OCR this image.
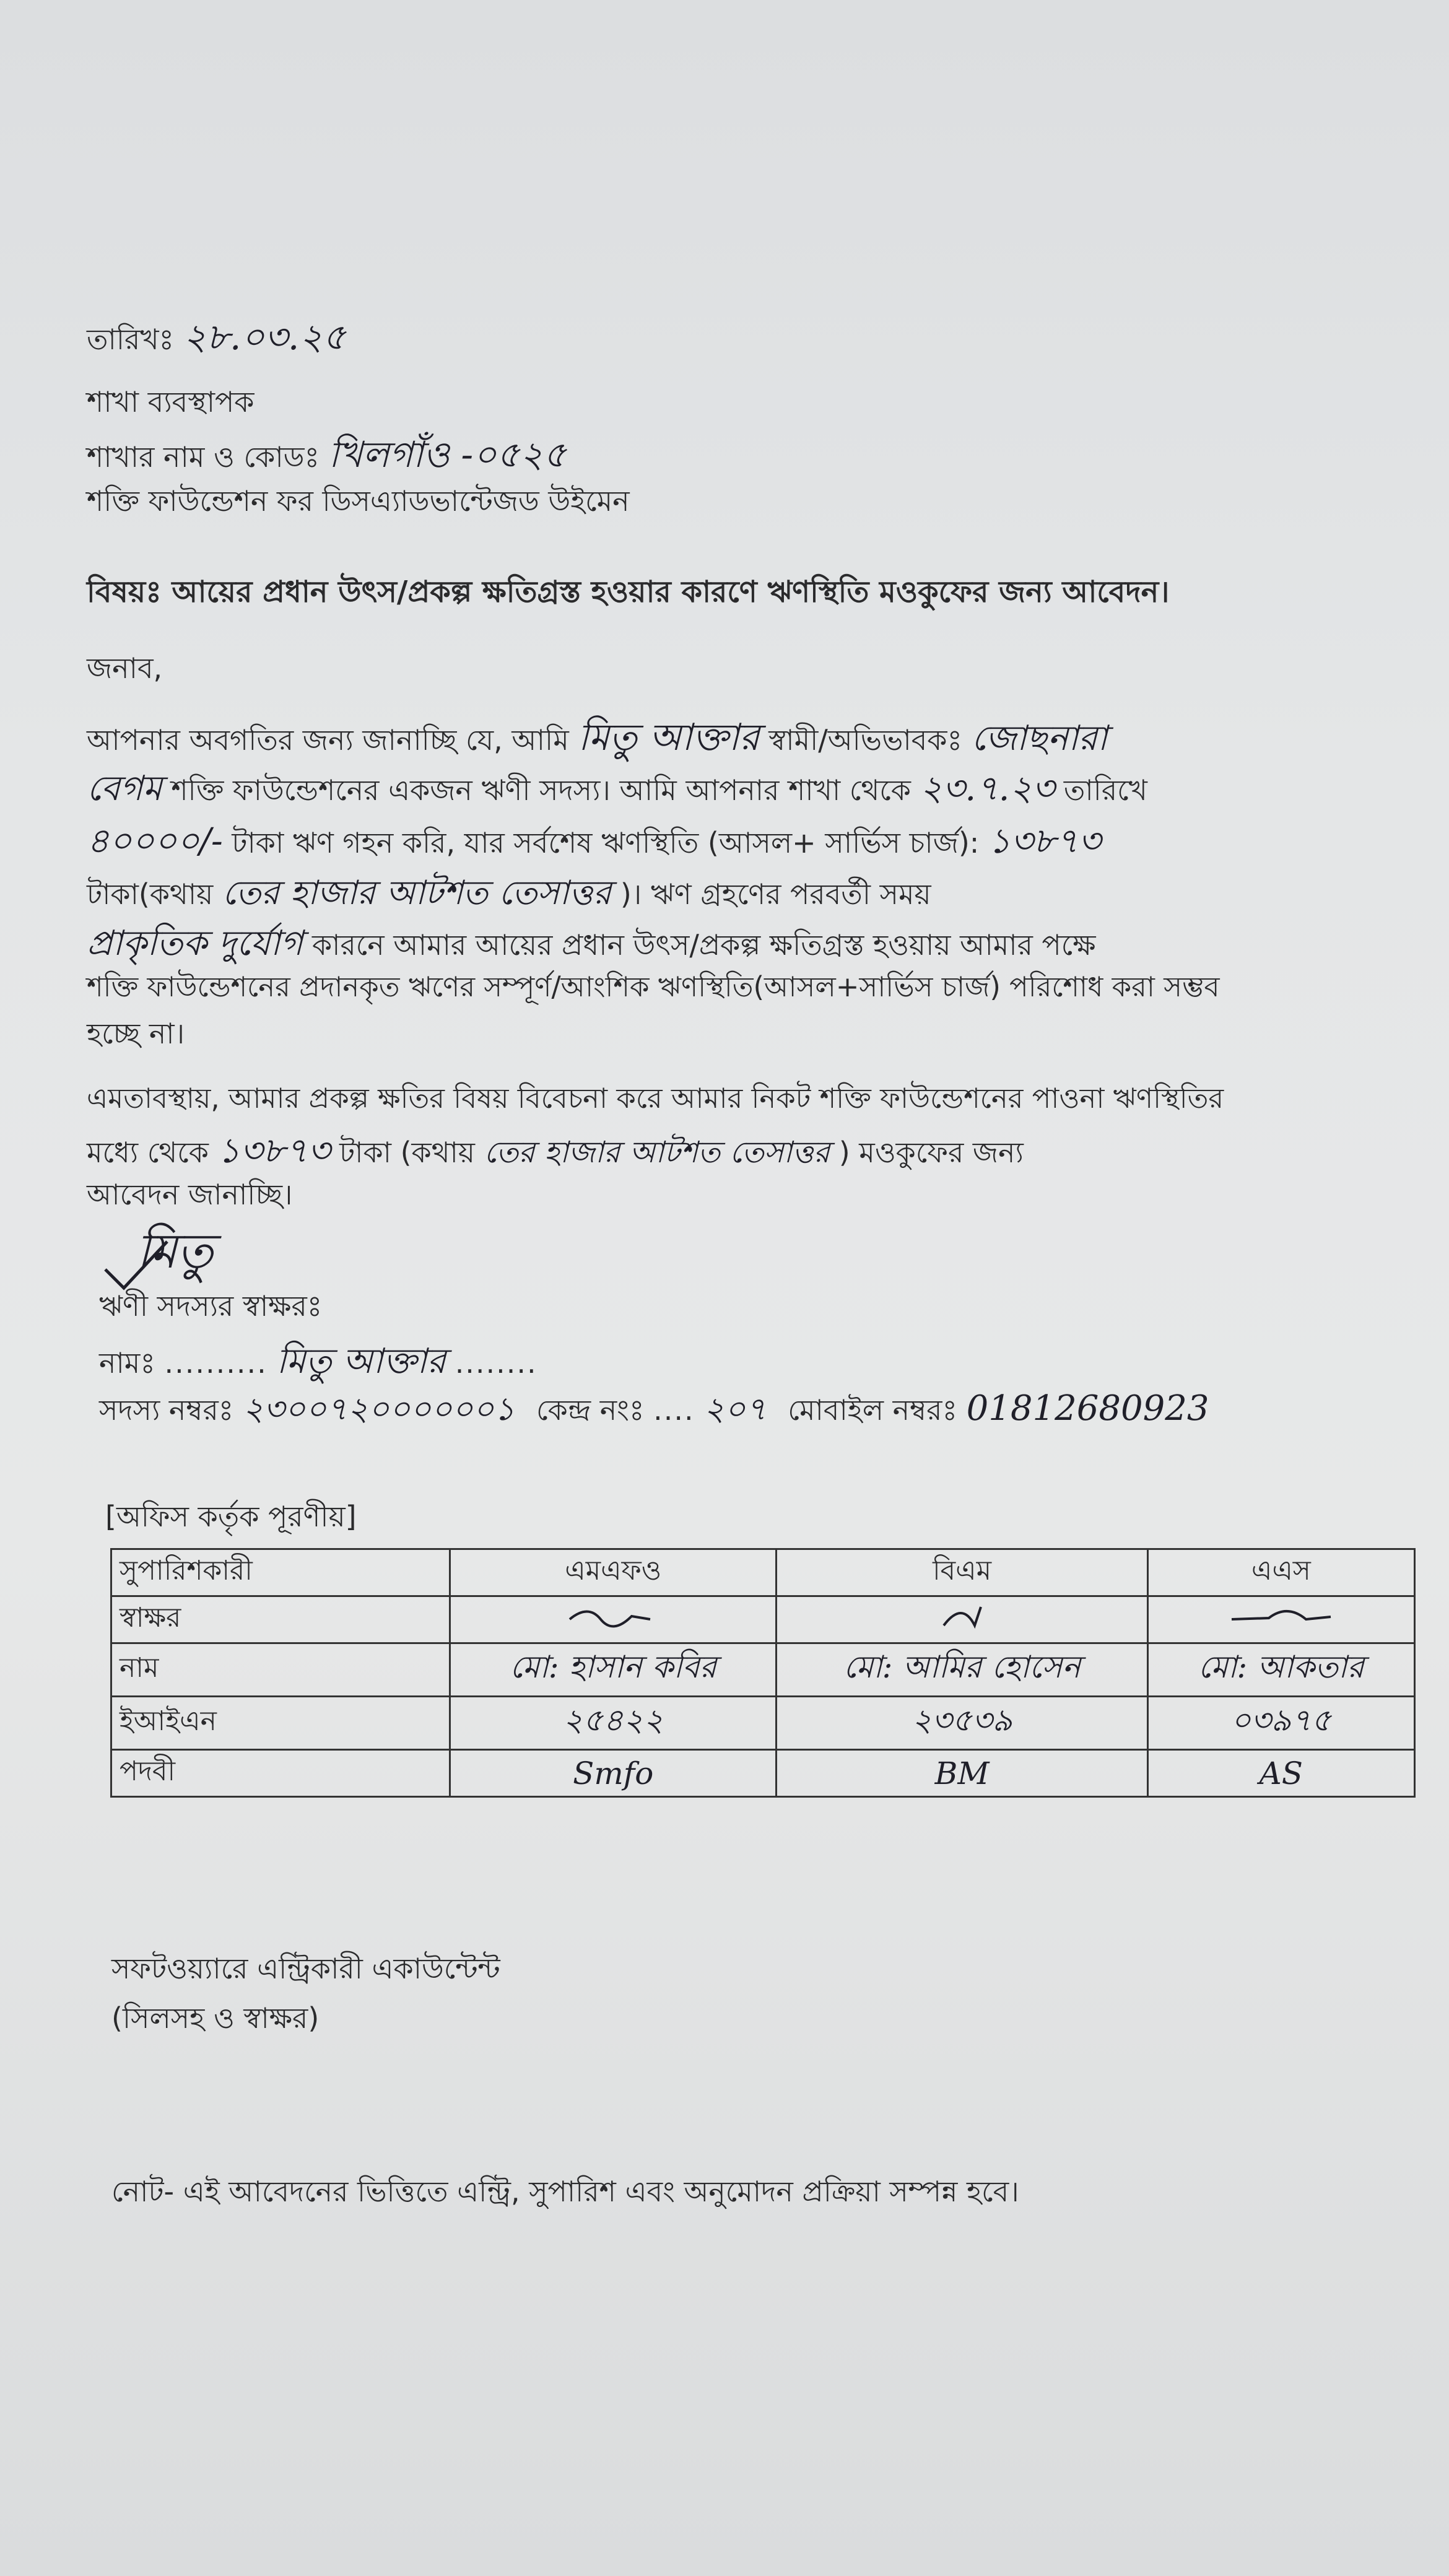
তারিখঃ ২৮.০৩.২৫
শাখা ব্যবস্থাপক
শাখার নাম ও কোডঃ খিলগাঁও -০৫২৫
শক্তি ফাউন্ডেশন ফর ডিসএ্যাডভান্টেজড উইমেন
বিষয়ঃ আয়ের প্রধান উৎস/প্রকল্প ক্ষতিগ্রস্ত হওয়ার কারণে ঋণস্থিতি মওকুফের জন্য আবেদন।
জনাব,
আপনার অবগতির জন্য জানাচ্ছি যে, আমি মিতু আক্তার স্বামী/অভিভাবকঃ জোছনারা
বেগম শক্তি ফাউন্ডেশনের একজন ঋণী সদস্য। আমি আপনার শাখা থেকে ২৩.৭.২৩ তারিখে
৪০০০০/- টাকা ঋণ গহন করি, যার সর্বশেষ ঋণস্থিতি (আসল+ সার্ভিস চার্জ): ১৩৮৭৩
টাকা(কথায় তের হাজার আটশত তেসাত্তর )। ঋণ গ্রহণের পরবর্তী সময়
প্রাকৃতিক দুর্যোগ কারনে আমার আয়ের প্রধান উৎস/প্রকল্প ক্ষতিগ্রস্ত হওয়ায় আমার পক্ষে
শক্তি ফাউন্ডেশনের প্রদানকৃত ঋণের সম্পূর্ণ/আংশিক ঋণস্থিতি(আসল+সার্ভিস চার্জ) পরিশোধ করা সম্ভব
হচ্ছে না।
এমতাবস্থায়, আমার প্রকল্প ক্ষতির বিষয় বিবেচনা করে আমার নিকট শক্তি ফাউন্ডেশনের পাওনা ঋণস্থিতির
মধ্যে থেকে ১৩৮৭৩ টাকা (কথায় তের হাজার আটশত তেসাত্তর ) মওকুফের জন্য
আবেদন জানাচ্ছি।
মিতু
ঋণী সদস্যর স্বাক্ষরঃ
নামঃ .......... মিতু আক্তার ........
সদস্য নম্বরঃ ২৩০০৭২০০০০০০১ কেন্দ্র নংঃ .... ২০৭ মোবাইল নম্বরঃ 01812680923
[অফিস কর্তৃক পূরণীয়]
সুপারিশকারী	এমএফও	বিএম	এএস
স্বাক্ষর			
নাম	মো: হাসান কবির	মো: আমির হোসেন	মো: আকতার
ইআইএন	২৫৪২২	২৩৫৩৯	০৩৯৭৫
পদবী	Smfo	BM	AS
সফটওয়্যারে এন্ট্রিকারী একাউন্টেন্ট
(সিলসহ ও স্বাক্ষর)
নোট- এই আবেদনের ভিত্তিতে এন্ট্রি, সুপারিশ এবং অনুমোদন প্রক্রিয়া সম্পন্ন হবে।
